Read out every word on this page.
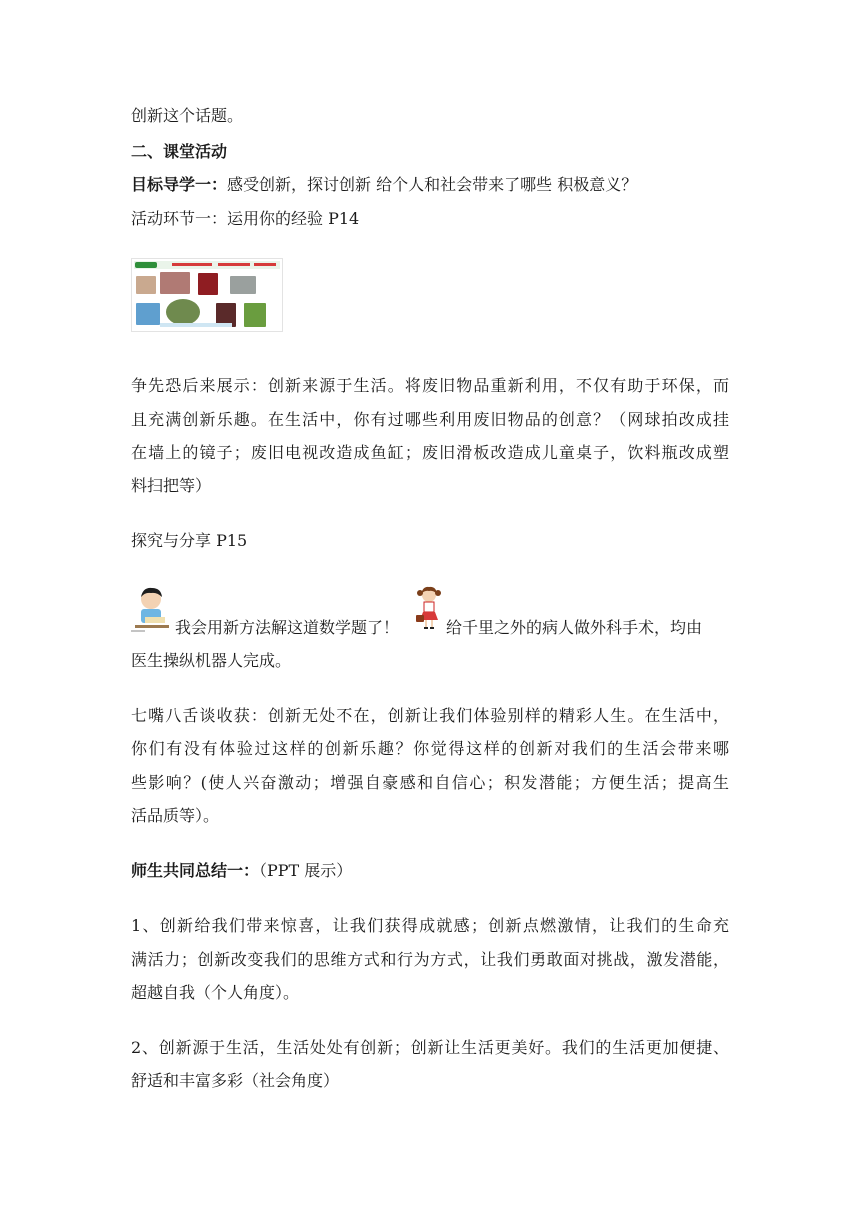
创新这个话题。
二、课堂活动
目标导学一：感受创新，探讨创新 给个人和社会带来了哪些 积极意义？
活动环节一：运用你的经验 P14
争先恐后来展示：创新来源于生活。将废旧物品重新利用，不仅有助于环保，而
且充满创新乐趣。在生活中，你有过哪些利用废旧物品的创意？（网球拍改成挂
在墙上的镜子；废旧电视改造成鱼缸；废旧滑板改造成儿童桌子，饮料瓶改成塑
料扫把等）
探究与分享 P15
我会用新方法解这道数学题了！	给千里之外的病人做外科手术，均由
医生操纵机器人完成。
七嘴八舌谈收获：创新无处不在，创新让我们体验别样的精彩人生。在生活中，
你们有没有体验过这样的创新乐趣？你觉得这样的创新对我们的生活会带来哪
些影响？(使人兴奋激动；增强自豪感和自信心；积发潜能；方便生活；提高生
活品质等）。
师生共同总结一：（PPT 展示）
1、创新给我们带来惊喜，让我们获得成就感；创新点燃激情，让我们的生命充
满活力；创新改变我们的思维方式和行为方式，让我们勇敢面对挑战，激发潜能，
超越自我（个人角度）。
2、创新源于生活，生活处处有创新；创新让生活更美好。我们的生活更加便捷、
舒适和丰富多彩（社会角度）
